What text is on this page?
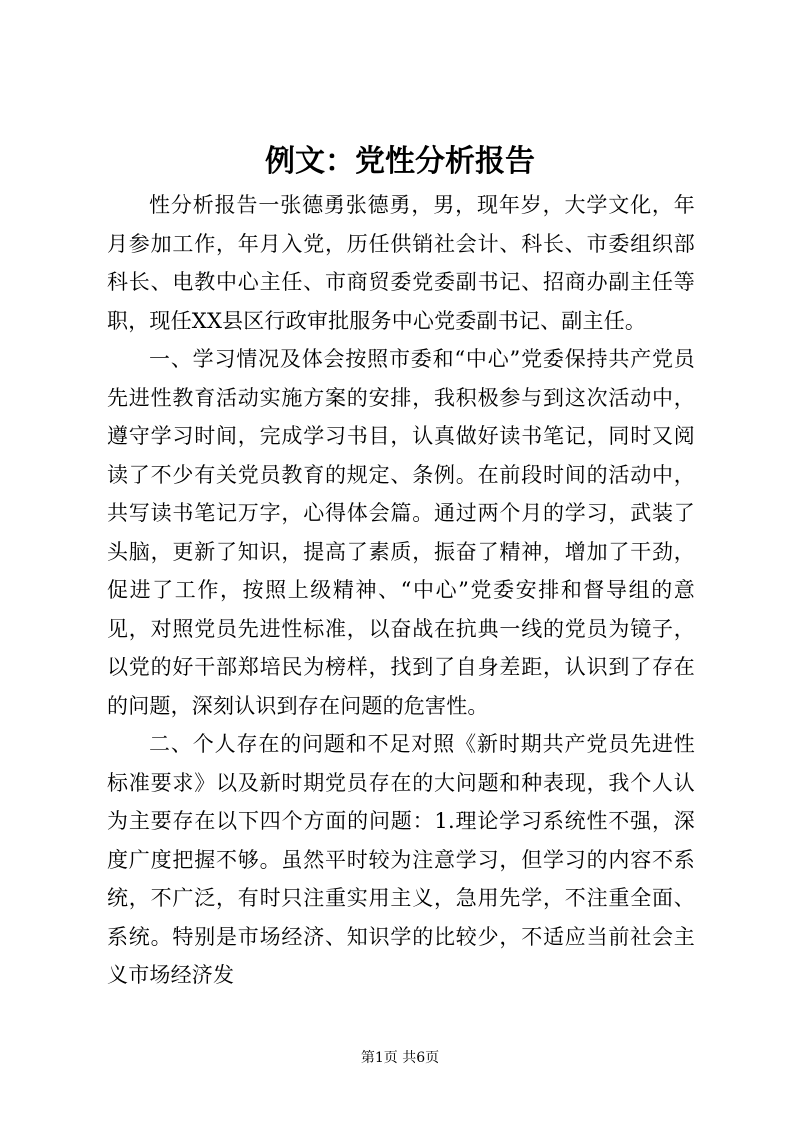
例文：党性分析报告

性分析报告一张德勇张德勇，男，现年岁，大学文化，年月参加工作，年月入党，历任供销社会计、科长、市委组织部科长、电教中心主任、市商贸委党委副书记、招商办副主任等职，现任XX县区行政审批服务中心党委副书记、副主任。

一、学习情况及体会按照市委和“中心”党委保持共产党员先进性教育活动实施方案的安排，我积极参与到这次活动中，遵守学习时间，完成学习书目，认真做好读书笔记，同时又阅读了不少有关党员教育的规定、条例。在前段时间的活动中，共写读书笔记万字，心得体会篇。通过两个月的学习，武装了头脑，更新了知识，提高了素质，振奋了精神，增加了干劲，促进了工作，按照上级精神、“中心”党委安排和督导组的意见，对照党员先进性标准，以奋战在抗典一线的党员为镜子，以党的好干部郑培民为榜样，找到了自身差距，认识到了存在的问题，深刻认识到存在问题的危害性。

二、个人存在的问题和不足对照《新时期共产党员先进性标准要求》以及新时期党员存在的大问题和种表现，我个人认为主要存在以下四个方面的问题：1.理论学习系统性不强，深度广度把握不够。虽然平时较为注意学习，但学习的内容不系统，不广泛，有时只注重实用主义，急用先学，不注重全面、系统。特别是市场经济、知识学的比较少，不适应当前社会主义市场经济发

第1页 共6页
